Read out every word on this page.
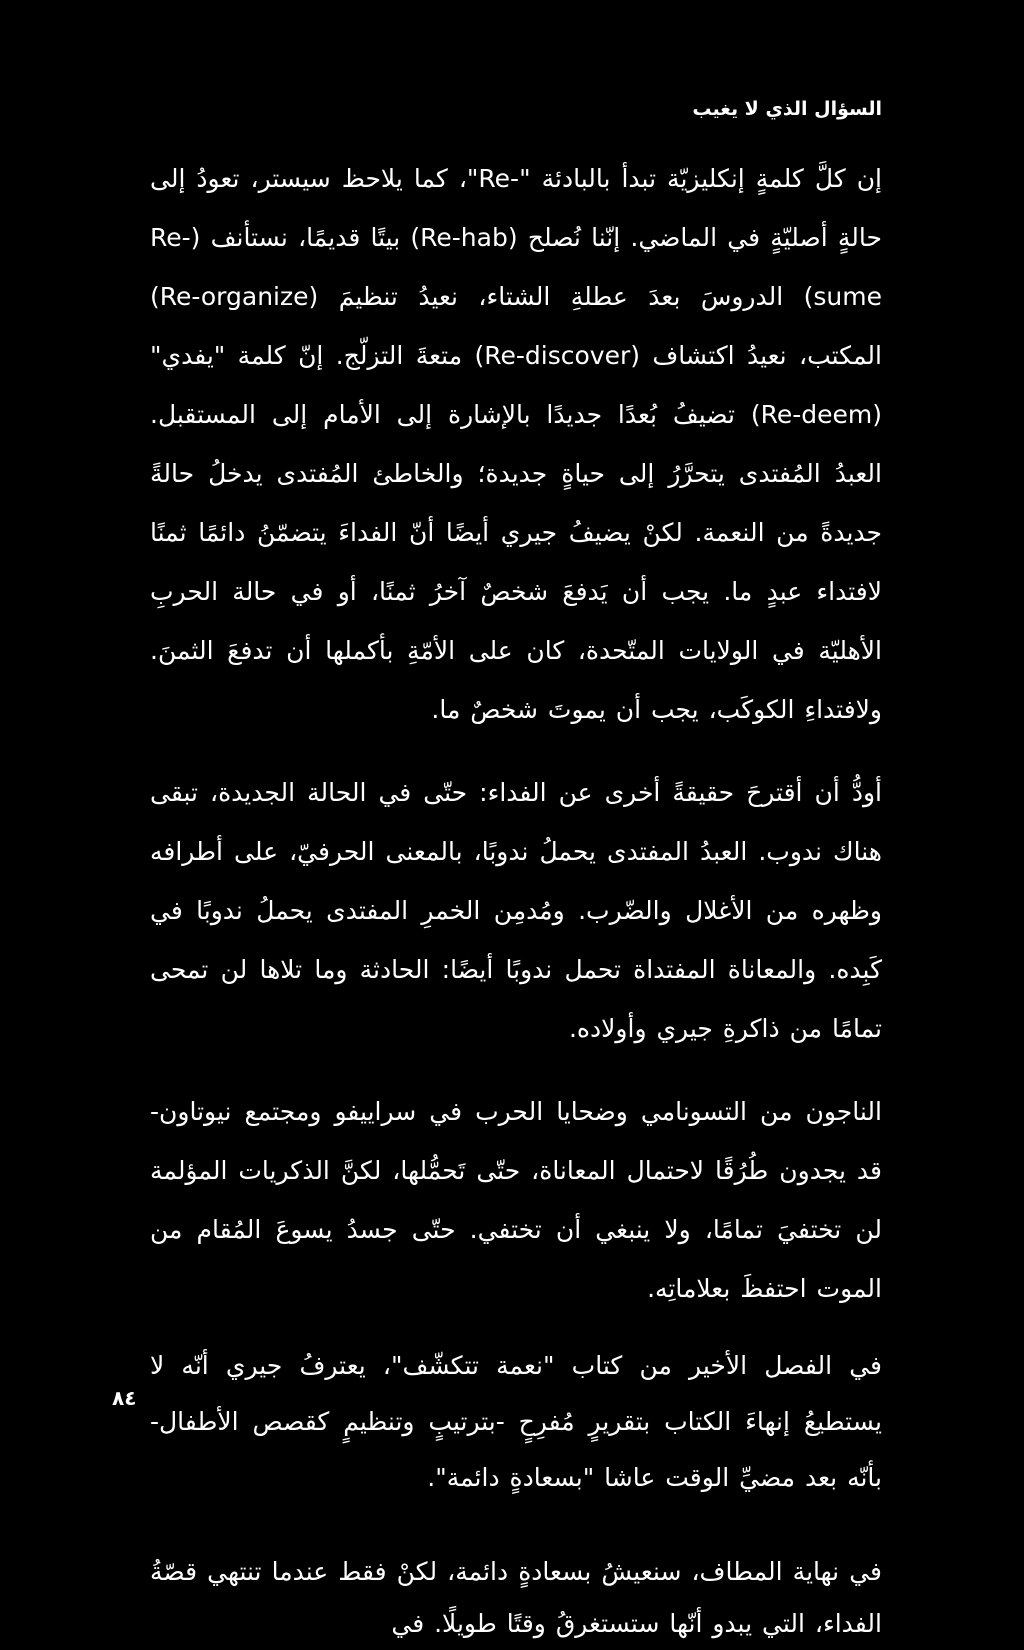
السؤال الذي لا يغيب

إن كلَّ كلمةٍ إنكليزيّة تبدأ بالبادئة "-Re"، كما يلاحظ سيستر، تعودُ إلى حالةٍ أصليّةٍ في الماضي. إنّنا نُصلح (Re-hab) بيتًا قديمًا، نستأنف (Re-sume) الدروسَ بعدَ عطلةِ الشتاء، نعيدُ تنظيمَ (Re-organize) المكتب، نعيدُ اكتشاف (Re-discover) متعةَ التزلّج. إنّ كلمة "يفدي" (Re-deem) تضيفُ بُعدًا جديدًا بالإشارة إلى الأمام إلى المستقبل. العبدُ المُفتدى يتحرَّرُ إلى حياةٍ جديدة؛ والخاطئ المُفتدى يدخلُ حالةً جديدةً من النعمة. لكنْ يضيفُ جيري أيضًا أنّ الفداءَ يتضمّنُ دائمًا ثمنًا لافتداء عبدٍ ما. يجب أن يَدفعَ شخصٌ آخرُ ثمنًا، أو في حالة الحربِ الأهليّة في الولايات المتّحدة، كان على الأمّةِ بأكملها أن تدفعَ الثمنَ. ولافتداءِ الكوكَب، يجب أن يموتَ شخصٌ ما.

أودُّ أن أقترحَ حقيقةً أخرى عن الفداء: حتّى في الحالة الجديدة، تبقى هناك ندوب. العبدُ المفتدى يحملُ ندوبًا، بالمعنى الحرفيّ، على أطرافه وظهره من الأغلال والضّرب. ومُدمِن الخمرِ المفتدى يحملُ ندوبًا في كَبِده. والمعاناة المفتداة تحمل ندوبًا أيضًا: الحادثة وما تلاها لن تمحى تمامًا من ذاكرةِ جيري وأولاده.

الناجون من التسونامي وضحايا الحرب في سراييفو ومجتمع نيوتاون- قد يجدون طُرُقًا لاحتمال المعاناة، حتّى تَحمُّلها، لكنَّ الذكريات المؤلمة لن تختفيَ تمامًا، ولا ينبغي أن تختفي. حتّى جسدُ يسوعَ المُقام من الموت احتفظَ بعلاماتِه.

في الفصل الأخير من كتاب "نعمة تتكشّف"، يعترفُ جيري أنّه لا يستطيعُ إنهاءَ الكتاب بتقريرٍ مُفرِحٍ -بترتيبٍ وتنظيمٍ كقصص الأطفال- بأنّه بعد مضيِّ الوقت عاشا "بسعادةٍ دائمة".

في نهاية المطاف، سنعيشُ بسعادةٍ دائمة، لكنْ فقط عندما تنتهي قصّةُ الفداء، التي يبدو أنّها ستستغرقُ وقتًا طويلًا. في

٨٤
